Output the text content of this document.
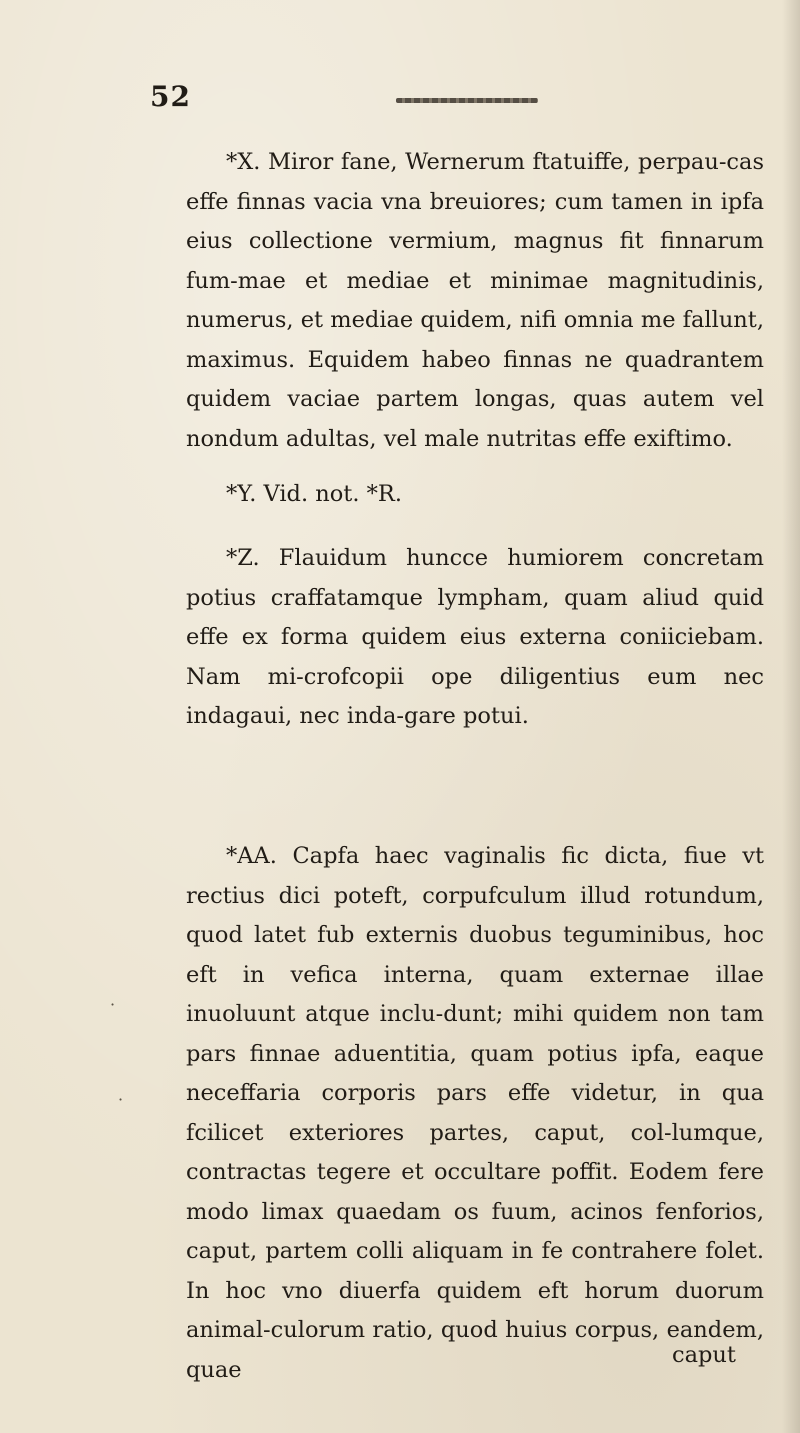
52

*X. Miror fane, Wernerum ftatuiffe, perpau-cas effe finnas vacia vna breuiores; cum tamen in ipfa eius collectione vermium, magnus fit finnarum fum-mae et mediae et minimae magnitudinis, numerus, et mediae quidem, nifi omnia me fallunt, maximus. Equidem habeo finnas ne quadrantem quidem vaciae partem longas, quas autem vel nondum adultas, vel male nutritas effe exiftimo.

*Y. Vid. not. *R.

*Z. Flauidum huncce humiorem concretam potius craffatamque lympham, quam aliud quid effe ex forma quidem eius externa coniiciebam. Nam mi-crofcopii ope diligentius eum nec indagaui, nec inda-gare potui.

*AA. Capfa haec vaginalis fic dicta, fiue vt rectius dici poteft, corpufculum illud rotundum, quod latet fub externis duobus teguminibus, hoc eft in vefica interna, quam externae illae inuoluunt atque inclu-dunt; mihi quidem non tam pars finnae aduentitia, quam potius ipfa, eaque neceffaria corporis pars effe videtur, in qua fcilicet exteriores partes, caput, col-lumque, contractas tegere et occultare poffit. Eodem fere modo limax quaedam os fuum, acinos fenforios, caput, partem colli aliquam in fe contrahere folet. In hoc vno diuerfa quidem eft horum duorum animal-culorum ratio, quod huius corpus, eandem, quae

caput
·
·
